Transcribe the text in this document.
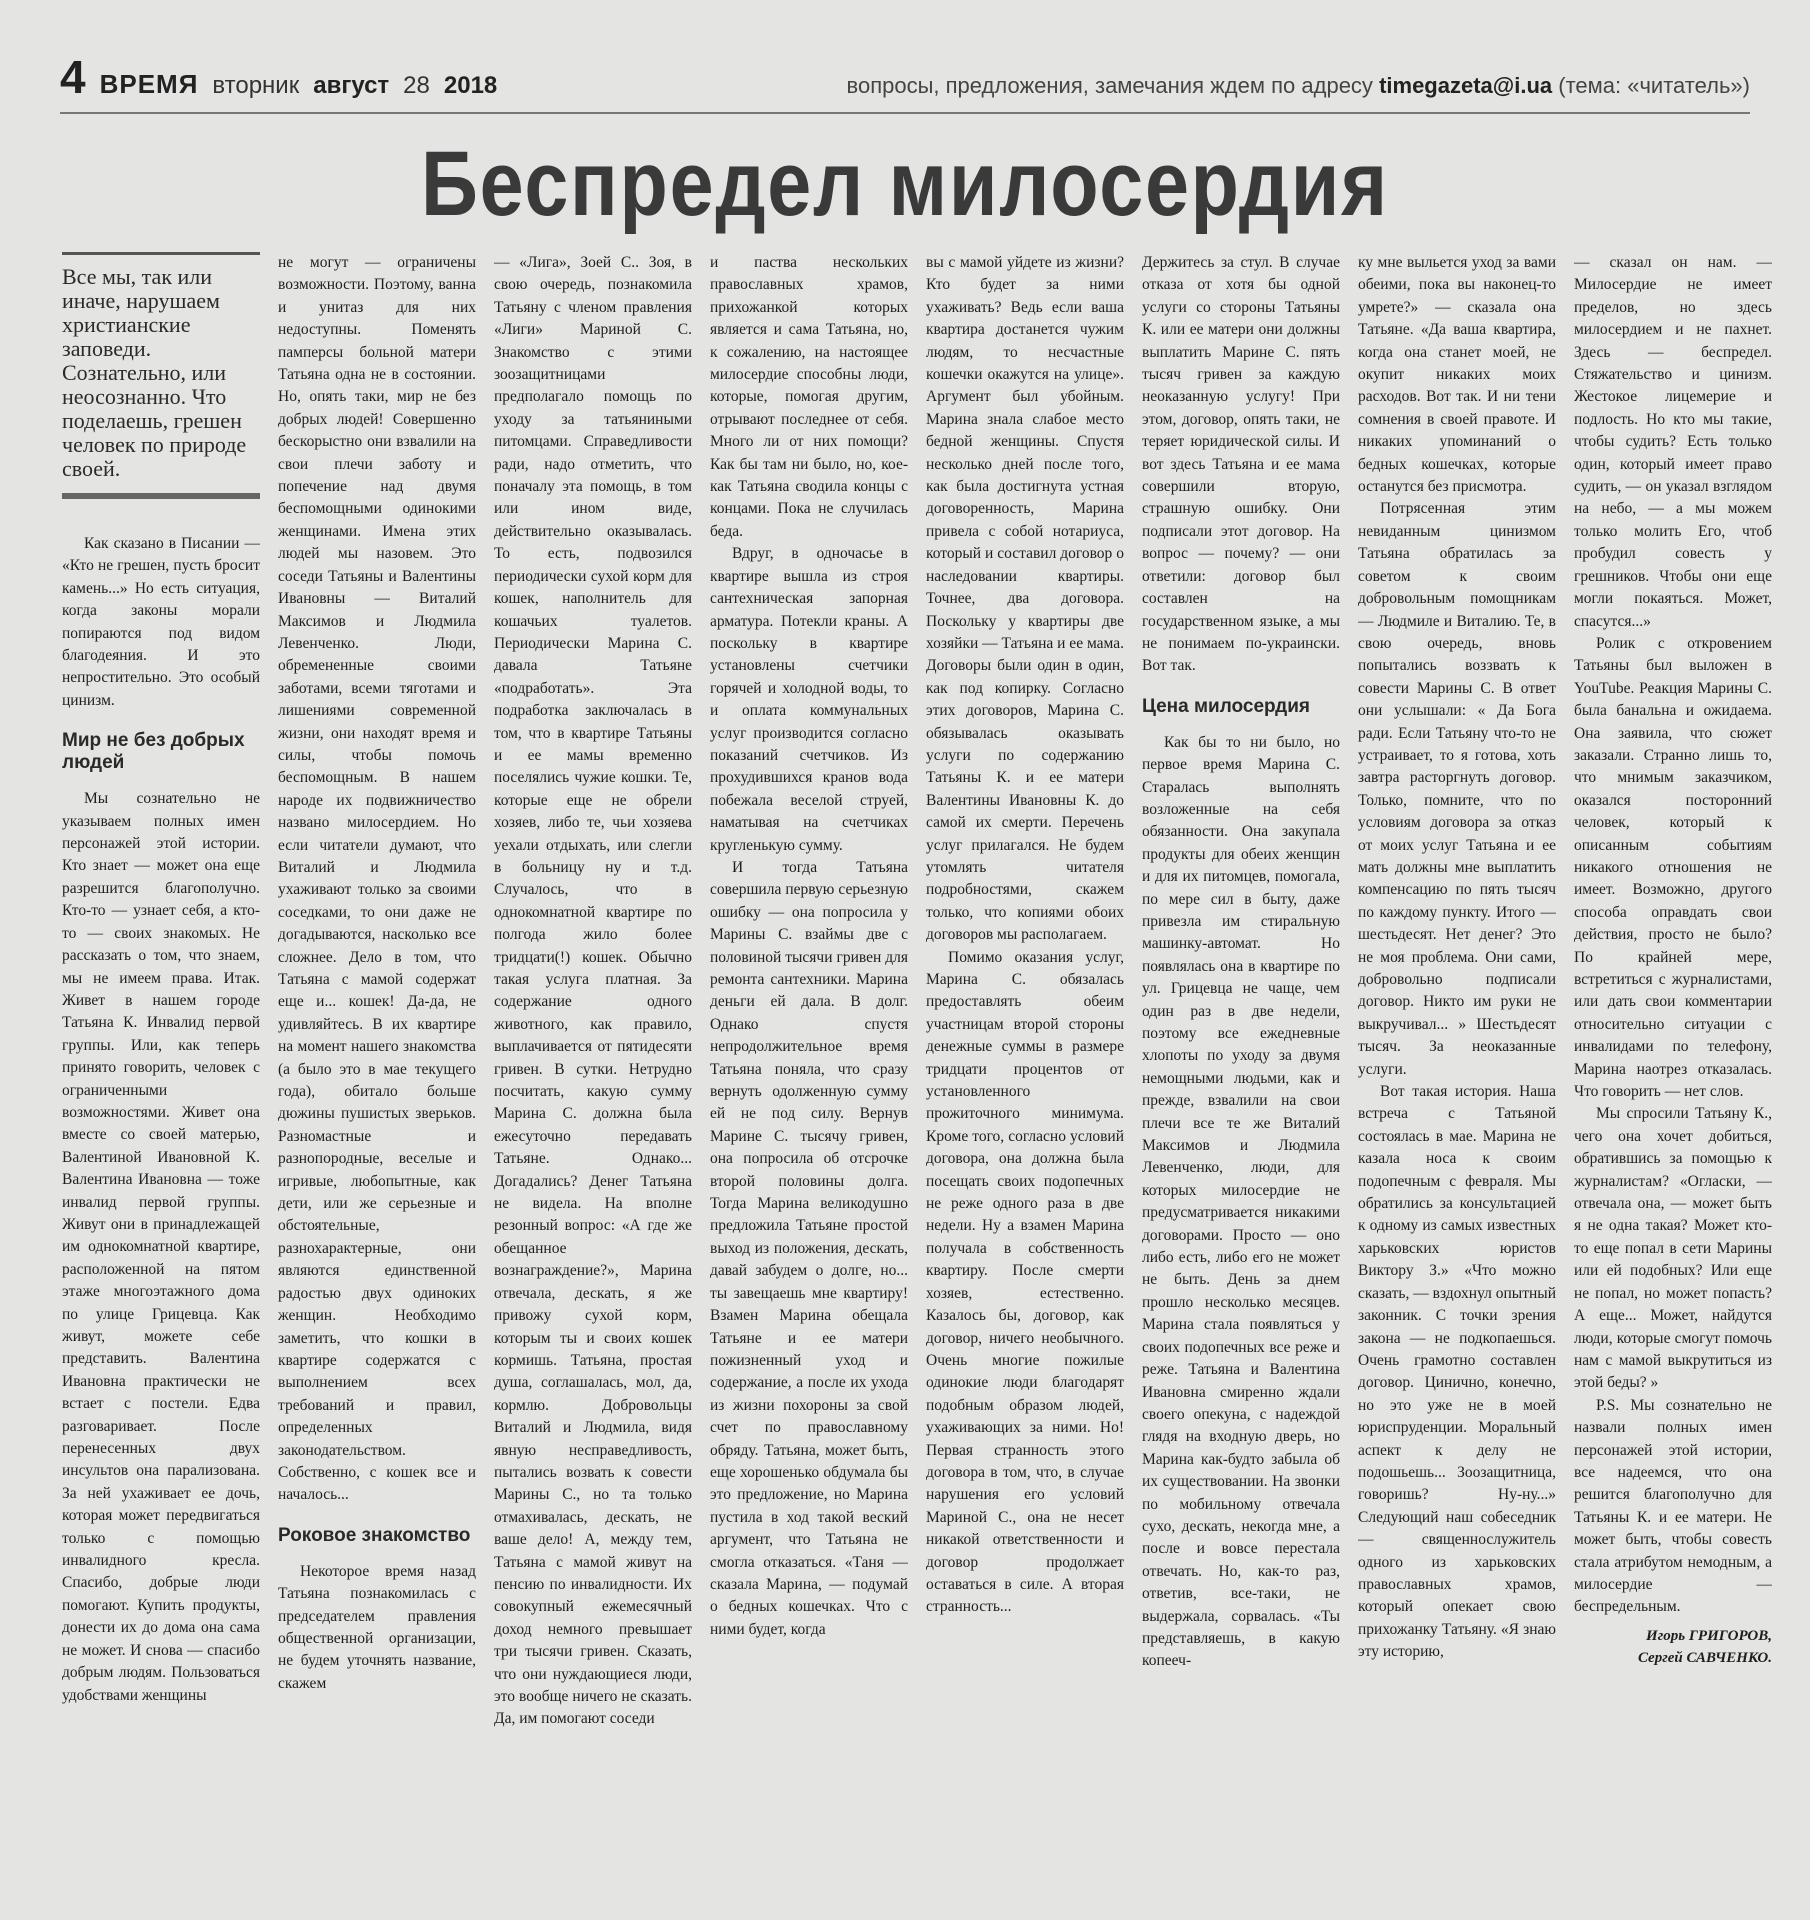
4 ВРЕМЯ вторник август 28 2018	вопросы, предложения, замечания ждем по адресу timegazeta@i.ua (тема: «читатель»)
Беспредел милосердия
Все мы, так или иначе, нарушаем христианские заповеди. Сознательно, или неосознанно. Что поделаешь, грешен человек по природе своей.

Как сказано в Писании — «Кто не грешен, пусть бросит камень...» Но есть ситуация, когда законы морали попираются под видом благодеяния. И это непростительно. Это особый цинизм.

Мир не без добрых людей

Мы сознательно не указываем полных имен персонажей этой истории. Кто знает — может она еще разрешится благополучно. Кто-то — узнает себя, а кто-то — своих знакомых. Не рассказать о том, что знаем, мы не имеем права. Итак. Живет в нашем городе Татьяна К. Инвалид первой группы. Или, как теперь принято говорить, человек с ограниченными возможностями. Живет она вместе со своей матерью, Валентиной Ивановной К. Валентина Ивановна — тоже инвалид первой группы. Живут они в принадлежащей им однокомнатной квартире, расположенной на пятом этаже многоэтажного дома по улице Грицевца. Как живут, можете себе представить. Валентина Ивановна практически не встает с постели. Едва разговаривает. После перенесенных двух инсультов она парализована. За ней ухаживает ее дочь, которая может передвигаться только с помощью инвалидного кресла. Спасибо, добрые люди помогают. Купить продукты, донести их до дома она сама не может. И снова — спасибо добрым людям. Пользоваться удобствами женщины

не могут — ограничены возможности. Поэтому, ванна и унитаз для них недоступны. Поменять памперсы больной матери Татьяна одна не в состоянии. Но, опять таки, мир не без добрых людей! Совершенно бескорыстно они взвалили на свои плечи заботу и попечение над двумя беспомощными одинокими женщинами. Имена этих людей мы назовем. Это соседи Татьяны и Валентины Ивановны — Виталий Максимов и Людмила Левенченко. Люди, обремененные своими заботами, всеми тяготами и лишениями современной жизни, они находят время и силы, чтобы помочь беспомощным. В нашем народе их подвижничество названо милосердием. Но если читатели думают, что Виталий и Людмила ухаживают только за своими соседками, то они даже не догадываются, насколько все сложнее. Дело в том, что Татьяна с мамой содержат еще и... кошек! Да-да, не удивляйтесь. В их квартире на момент нашего знакомства (а было это в мае текущего года), обитало больше дюжины пушистых зверьков. Разномастные и разнопородные, веселые и игривые, любопытные, как дети, или же серьезные и обстоятельные, разнохарактерные, они являются единственной радостью двух одиноких женщин. Необходимо заметить, что кошки в квартире содержатся с выполнением всех требований и правил, определенных законодательством. Собственно, с кошек все и началось...

Роковое знакомство

Некоторое время назад Татьяна познакомилась с председателем правления общественной организации, не будем уточнять название, скажем

— «Лига», Зоей С.. Зоя, в свою очередь, познакомила Татьяну с членом правления «Лиги» Мариной С. Знакомство с этими зоозащитницами предполагало помощь по уходу за татьяниными питомцами. Справедливости ради, надо отметить, что поначалу эта помощь, в том или ином виде, действительно оказывалась. То есть, подвозился периодически сухой корм для кошек, наполнитель для кошачьих туалетов. Периодически Марина С. давала Татьяне «подработать». Эта подработка заключалась в том, что в квартире Татьяны и ее мамы временно поселялись чужие кошки. Те, которые еще не обрели хозяев, либо те, чьи хозяева уехали отдыхать, или слегли в больницу ну и т.д. Случалось, что в однокомнатной квартире по полгода жило более тридцати(!) кошек. Обычно такая услуга платная. За содержание одного животного, как правило, выплачивается от пятидесяти гривен. В сутки. Нетрудно посчитать, какую сумму Марина С. должна была ежесуточно передавать Татьяне. Однако... Догадались? Денег Татьяна не видела. На вполне резонный вопрос: «А где же обещанное вознаграждение?», Марина отвечала, дескать, я же привожу сухой корм, которым ты и своих кошек кормишь. Татьяна, простая душа, соглашалась, мол, да, кормлю. Добровольцы Виталий и Людмила, видя явную несправедливость, пытались возвать к совести Марины С., но та только отмахивалась, дескать, не ваше дело! А, между тем, Татьяна с мамой живут на пенсию по инвалидности. Их совокупный ежемесячный доход немного превышает три тысячи гривен. Сказать, что они нуждающиеся люди, это вообще ничего не сказать. Да, им помогают соседи

и паства нескольких православных храмов, прихожанкой которых является и сама Татьяна, но, к сожалению, на настоящее милосердие способны люди, которые, помогая другим, отрывают последнее от себя. Много ли от них помощи? Как бы там ни было, но, кое-как Татьяна сводила концы с концами. Пока не случилась беда.

Вдруг, в одночасье в квартире вышла из строя сантехническая запорная арматура. Потекли краны. А поскольку в квартире установлены счетчики горячей и холодной воды, то и оплата коммунальных услуг производится согласно показаний счетчиков. Из прохудившихся кранов вода побежала веселой струей, наматывая на счетчиках кругленькую сумму.

И тогда Татьяна совершила первую серьезную ошибку — она попросила у Марины С. взаймы две с половиной тысячи гривен для ремонта сантехники. Марина деньги ей дала. В долг. Однако спустя непродолжительное время Татьяна поняла, что сразу вернуть одолженную сумму ей не под силу. Вернув Марине С. тысячу гривен, она попросила об отсрочке второй половины долга. Тогда Марина великодушно предложила Татьяне простой выход из положения, дескать, давай забудем о долге, но... ты завещаешь мне квартиру! Взамен Марина обещала Татьяне и ее матери пожизненный уход и содержание, а после их ухода из жизни похороны за свой счет по православному обряду. Татьяна, может быть, еще хорошенько обдумала бы это предложение, но Марина пустила в ход такой веский аргумент, что Татьяна не смогла отказаться. «Таня — сказала Марина, — подумай о бедных кошечках. Что с ними будет, когда

вы с мамой уйдете из жизни? Кто будет за ними ухаживать? Ведь если ваша квартира достанется чужим людям, то несчастные кошечки окажутся на улице». Аргумент был убойным. Марина знала слабое место бедной женщины. Спустя несколько дней после того, как была достигнута устная договоренность, Марина привела с собой нотариуса, который и составил договор о наследовании квартиры. Точнее, два договора. Поскольку у квартиры две хозяйки — Татьяна и ее мама. Договоры были один в один, как под копирку. Согласно этих договоров, Марина С. обязывалась оказывать услуги по содержанию Татьяны К. и ее матери Валентины Ивановны К. до самой их смерти. Перечень услуг прилагался. Не будем утомлять читателя подробностями, скажем только, что копиями обоих договоров мы располагаем.

Помимо оказания услуг, Марина С. обязалась предоставлять обеим участницам второй стороны денежные суммы в размере тридцати процентов от установленного прожиточного минимума. Кроме того, согласно условий договора, она должна была посещать своих подопечных не реже одного раза в две недели. Ну а взамен Марина получала в собственность квартиру. После смерти хозяев, естественно. Казалось бы, договор, как договор, ничего необычного. Очень многие пожилые одинокие люди благодарят подобным образом людей, ухаживающих за ними. Но! Первая странность этого договора в том, что, в случае нарушения его условий Мариной С., она не несет никакой ответственности и договор продолжает оставаться в силе. А вторая странность...

Держитесь за стул. В случае отказа от хотя бы одной услуги со стороны Татьяны К. или ее матери они должны выплатить Марине С. пять тысяч гривен за каждую неоказанную услугу! При этом, договор, опять таки, не теряет юридической силы. И вот здесь Татьяна и ее мама совершили вторую, страшную ошибку. Они подписали этот договор. На вопрос — почему? — они ответили: договор был составлен на государственном языке, а мы не понимаем по-украински. Вот так.

Цена милосердия

Как бы то ни было, но первое время Марина С. Старалась выполнять возложенные на себя обязанности. Она закупала продукты для обеих женщин и для их питомцев, помогала, по мере сил в быту, даже привезла им стиральную машинку-автомат. Но появлялась она в квартире по ул. Грицевца не чаще, чем один раз в две недели, поэтому все ежедневные хлопоты по уходу за двумя немощными людьми, как и прежде, взвалили на свои плечи все те же Виталий Максимов и Людмила Левенченко, люди, для которых милосердие не предусматривается никакими договорами. Просто — оно либо есть, либо его не может не быть. День за днем прошло несколько месяцев. Марина стала появляться у своих подопечных все реже и реже. Татьяна и Валентина Ивановна смиренно ждали своего опекуна, с надеждой глядя на входную дверь, но Марина как-будто забыла об их существовании. На звонки по мобильному отвечала сухо, дескать, некогда мне, а после и вовсе перестала отвечать. Но, как-то раз, ответив, все-таки, не выдержала, сорвалась. «Ты представляешь, в какую копееч-

ку мне выльется уход за вами обеими, пока вы наконец-то умрете?» — сказала она Татьяне. «Да ваша квартира, когда она станет моей, не окупит никаких моих расходов. Вот так. И ни тени сомнения в своей правоте. И никаких упоминаний о бедных кошечках, которые останутся без присмотра.

Потрясенная этим невиданным цинизмом Татьяна обратилась за советом к своим добровольным помощникам — Людмиле и Виталию. Те, в свою очередь, вновь попытались воззвать к совести Марины С. В ответ они услышали: « Да Бога ради. Если Татьяну что-то не устраивает, то я готова, хоть завтра расторгнуть договор. Только, помните, что по условиям договора за отказ от моих услуг Татьяна и ее мать должны мне выплатить компенсацию по пять тысяч по каждому пункту. Итого — шестьдесят. Нет денег? Это не моя проблема. Они сами, добровольно подписали договор. Никто им руки не выкручивал... » Шестьдесят тысяч. За неоказанные услуги.

Вот такая история. Наша встреча с Татьяной состоялась в мае. Марина не казала носа к своим подопечным с февраля. Мы обратились за консультацией к одному из самых известных харьковских юристов Виктору З.» «Что можно сказать, — вздохнул опытный законник. С точки зрения закона — не подкопаешься. Очень грамотно составлен договор. Цинично, конечно, но это уже не в моей юриспруденции. Моральный аспект к делу не подошьешь... Зоозащитница, говоришь? Ну-ну...» Следующий наш собеседник — священнослужитель одного из харьковских православных храмов, который опекает свою прихожанку Татьяну. «Я знаю эту историю,

— сказал он нам. — Милосердие не имеет пределов, но здесь милосердием и не пахнет. Здесь — беспредел. Стяжательство и цинизм. Жестокое лицемерие и подлость. Но кто мы такие, чтобы судить? Есть только один, который имеет право судить, — он указал взглядом на небо, — а мы можем только молить Его, чтоб пробудил совесть у грешников. Чтобы они еще могли покаяться. Может, спасутся...»

Ролик с откровением Татьяны был выложен в YouTube. Реакция Марины С. была банальна и ожидаема. Она заявила, что сюжет заказали. Странно лишь то, что мнимым заказчиком, оказался посторонний человек, который к описанным событиям никакого отношения не имеет. Возможно, другого способа оправдать свои действия, просто не было? По крайней мере, встретиться с журналистами, или дать свои комментарии относительно ситуации с инвалидами по телефону, Марина наотрез отказалась. Что говорить — нет слов.

Мы спросили Татьяну К., чего она хочет добиться, обратившись за помощью к журналистам? «Огласки, — отвечала она, — может быть я не одна такая? Может кто-то еще попал в сети Марины или ей подобных? Или еще не попал, но может попасть? А еще... Может, найдутся люди, которые смогут помочь нам с мамой выкрутиться из этой беды? »

P.S. Мы сознательно не назвали полных имен персонажей этой истории, все надеемся, что она решится благополучно для Татьяны К. и ее матери. Не может быть, чтобы совесть стала атрибутом немодным, а милосердие — беспредельным.

Игорь ГРИГОРОВ,
Сергей САВЧЕНКО.
